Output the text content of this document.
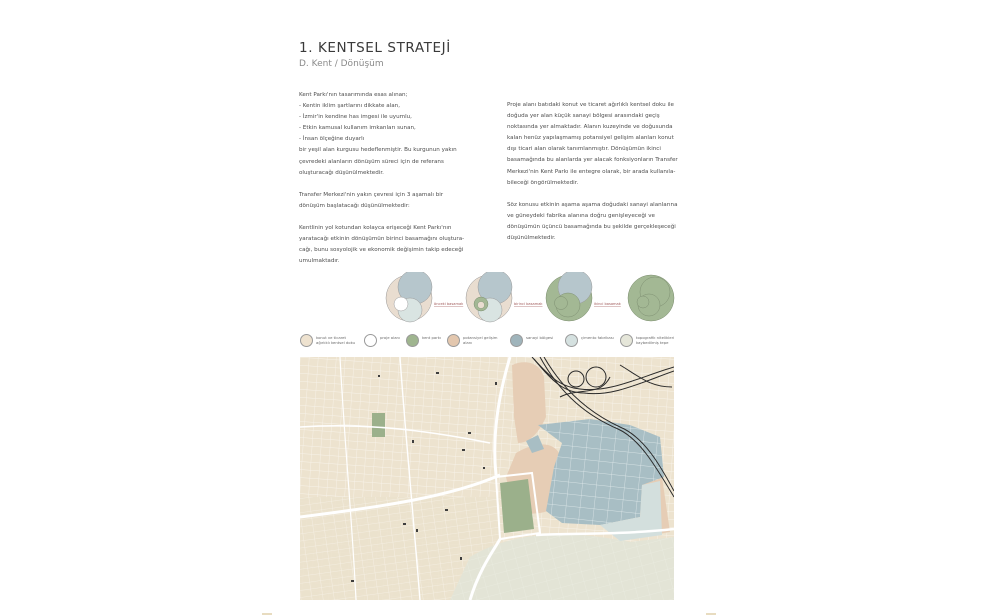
1. KENTSEL STRATEJİ
D. Kent / Dönüşüm

Kent Parkı'nın tasarımında esas alınan;

- Kentin iklim şartlarını dikkate alan,

- İzmir'in kendine has imgesi ile uyumlu,

- Etkin kamusal kullanım imkanları sunan,

- İnsan ölçeğine duyarlı

bir yeşil alan kurgusu hedeflenmiştir. Bu kurgunun yakın

çevredeki alanların dönüşüm süreci için de referans

oluşturacağı düşünülmektedir.

Transfer Merkezi'nin yakın çevresi için 3 aşamalı bir

dönüşüm başlatacağı düşünülmektedir:

Kentlinin yol kotundan kolayca erişeceği Kent Parkı'nın

yaratacağı etkinin dönüşümün birinci basamağını oluştura-

cağı, bunu sosyolojik ve ekonomik değişimin takip edeceği

umulmaktadır.

Proje alanı batıdaki konut ve ticaret ağırlıklı kentsel doku ile

doğuda yer alan küçük sanayi bölgesi arasındaki geçiş

noktasında yer almaktadır. Alanın kuzeyinde ve doğusunda

kalan henüz yapılaşmamış potansiyel gelişim alanları konut

dışı ticari alan olarak tanımlanmıştır. Dönüşümün ikinci

basamağında bu alanlarda yer alacak fonksiyonların Transfer

Merkezi'nin Kent Parkı ile entegre olarak, bir arada kullanıla-

bileceği öngörülmektedir.

Söz konusu etkinin aşama aşama doğudaki sanayi alanlarına

ve güneydeki fabrika alanına doğru genişleyeceği ve

dönüşümün üçüncü basamağında bu şekilde gerçekleşeceği

düşünülmektedir.

önceki basamak	birinci basamak	ikinci basamak
konut ve ticaret ağırlıklı kentsel doku
proje alanı	kent parkı	potansiyel gelişim alanı
sanayi bölgesi	çimento fabrikası	topografik nitelikleri kaybedilmiş tepe
